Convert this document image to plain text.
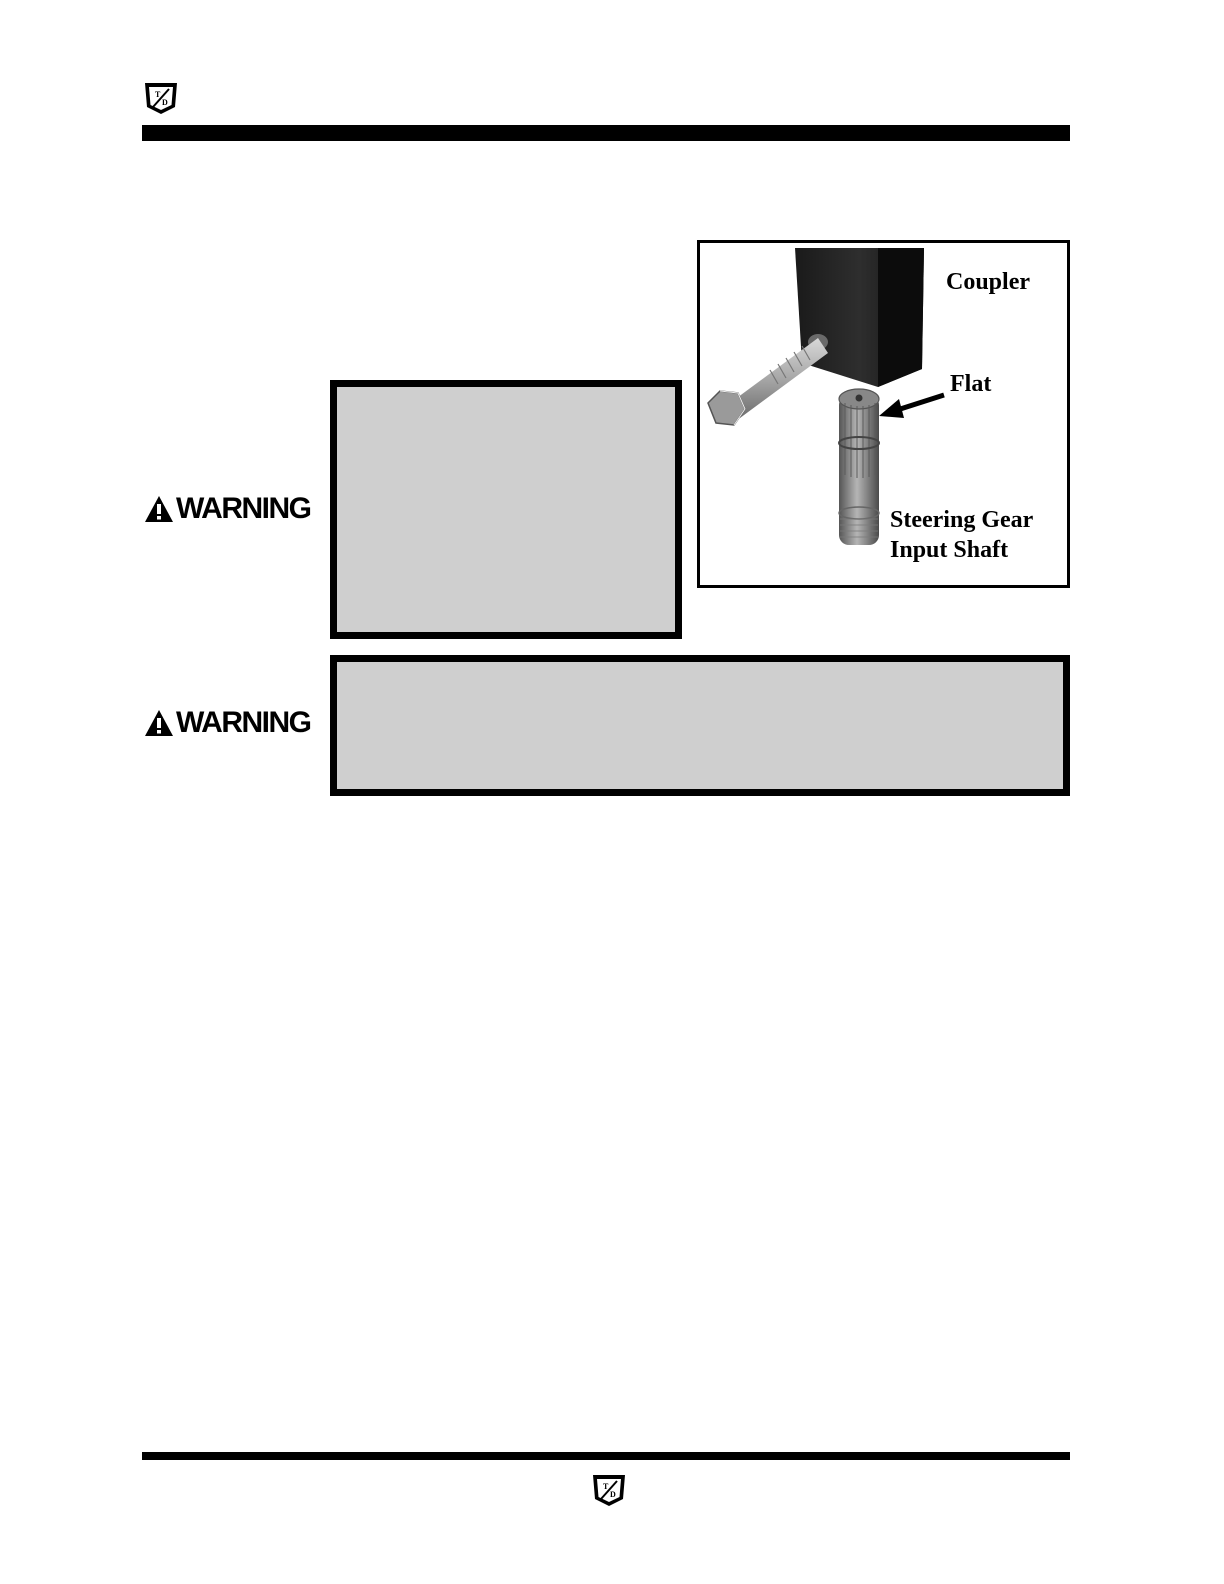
T
D
Coupler
Flat
Steering Gear
Input Shaft
WARNING
WARNING
T
D
